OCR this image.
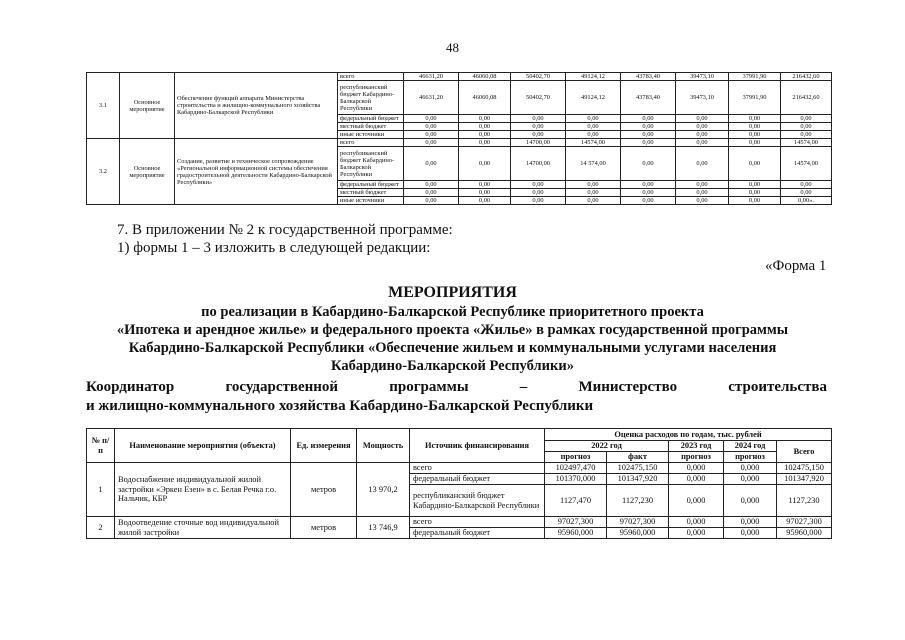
48
3.1	Основное мероприятие	Обеспечение функций аппарата Министерства строительства и жилищно-коммунального хозяйства Кабардино-Балкарской Республики	всего	46631,20	46060,08	50402,70	49124,12	43783,40	39473,10	37991,90	216432,60
			республиканский бюджет Кабардино-Балкарской Республики	46631,20	46060,08	50402,70	49124,12	43783,40	39473,10	37991,90	216432,60
			федеральный бюджет	0,00	0,00	0,00	0,00	0,00	0,00	0,00	0,00
			местный бюджет	0,00	0,00	0,00	0,00	0,00	0,00	0,00	0,00
			иные источники	0,00	0,00	0,00	0,00	0,00	0,00	0,00	0,00
3.2	Основное мероприятие	Создание, развитие и техническое сопровождение «Региональной информационной системы обеспечения градостроительной деятельности Кабардино-Балкарской Республики»	всего	0,00	0,00	14700,00	14574,00	0,00	0,00	0,00	14574,00
			республиканский бюджет Кабардино-Балкарской Республики	0,00	0,00	14700,00	14 574,00	0,00	0,00	0,00	14574,00
			федеральный бюджет	0,00	0,00	0,00	0,00	0,00	0,00	0,00	0,00
			местный бюджет	0,00	0,00	0,00	0,00	0,00	0,00	0,00	0,00
			иные источники	0,00	0,00	0,00	0,00	0,00	0,00	0,00	0,00».
7. В приложении № 2 к государственной программе:
1) формы 1 – 3 изложить в следующей редакции:
«Форма 1
МЕРОПРИЯТИЯ
по реализации в Кабардино-Балкарской Республике приоритетного проекта
«Ипотека и арендное жилье» и федерального проекта «Жилье» в рамках государственной программы
Кабардино-Балкарской Республики «Обеспечение жильем и коммунальными услугами населения
Кабардино-Балкарской Республики»
Координатор	государственной	программы	–	Министерство	строительства
и жилищно-коммунального хозяйства Кабардино-Балкарской Республики
№ п/п	Наименование мероприятия (объекта)	Ед. измерения	Мощность	Источник финансирования	Оценка расходов по годам, тыс. рублей				
					2022 год		2023 год	2024 год	Всего
					прогноз	факт	прогноз	прогноз	
1	Водоснабжение индивидуальной жилой застройки «Эркен Езен» в с. Белая Речка г.о. Нальчик, КБР	метров	13 970,2	всего	102497,470	102475,150	0,000	0,000	102475,150
				федеральный бюджет	101370,000	101347,920	0,000	0,000	101347,920
				республиканский бюджет Кабардино-Балкарской Республики	1127,470	1127,230	0,000	0,000	1127,230
2	Водоотведение сточные вод индивидуальной жилой застройки	метров	13 746,9	всего	97027,300	97027,300	0,000	0,000	97027,300
				федеральный бюджет	95960,000	95960,000	0,000	0,000	95960,000
